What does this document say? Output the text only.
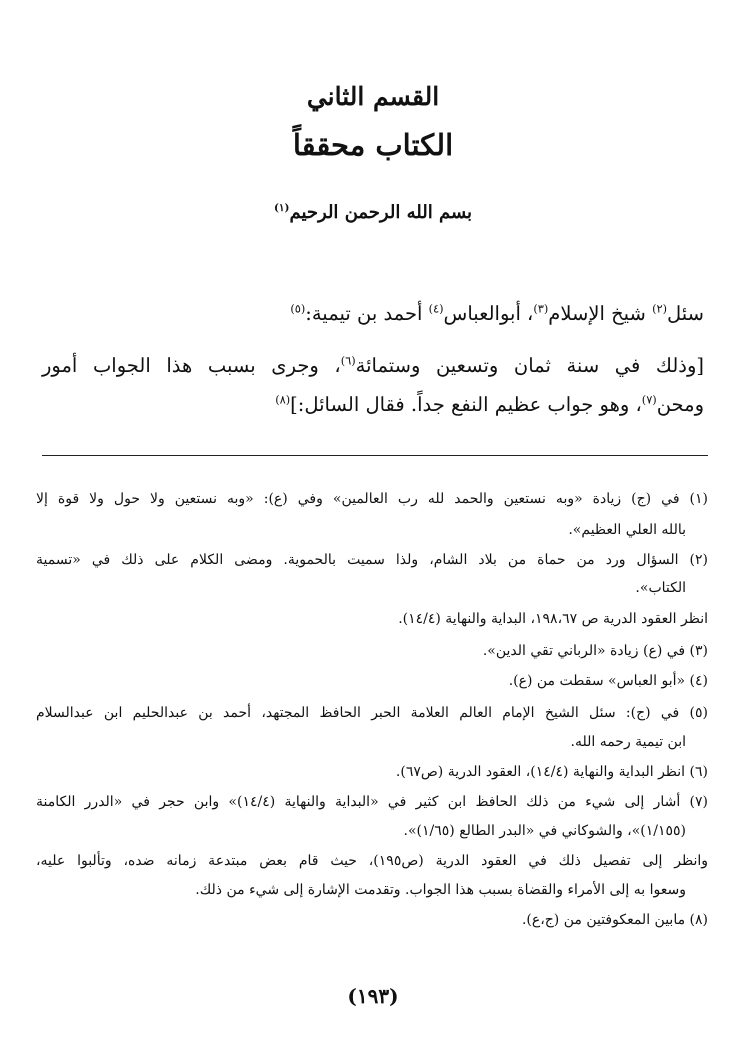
القسم الثاني
الكتاب محققاً
بسم الله الرحمن الرحيم$^{(١)}$
سئل$^{(٢)}$ شيخ الإسلام$^{(٣)}$، أبوالعباس$^{(٤)}$ أحمد بن تيمية:$^{(٥)}$
[وذلك في سنة ثمان وتسعين وستمائة$^{(٦)}$، وجرى بسبب هذا الجواب أمور
ومحن$^{(٧)}$، وهو جواب عظيم النفع جداً. فقال السائل:]$^{(٨)}$
(١) في (ج) زيادة «وبه نستعين والحمد لله رب العالمين» وفي (ع): «وبه نستعين ولا حول ولا قوة إلا
بالله العلي العظيم».
(٢) السؤال ورد من حماة من بلاد الشام، ولذا سميت بالحموية. ومضى الكلام على ذلك في «تسمية
الكتاب».
انظر العقود الدرية ص ١٩٨،٦٧، البداية والنهاية (١٤/٤).
(٣) في (ع) زيادة «الرباني تقي الدين».
(٤) «أبو العباس» سقطت من (ع).
(٥) في (ج): سئل الشيخ الإمام العالم العلامة الحبر الحافظ المجتهد، أحمد بن عبدالحليم ابن عبدالسلام
ابن تيمية رحمه الله.
(٦) انظر البداية والنهاية (١٤/٤)، العقود الدرية (ص٦٧).
(٧) أشار إلى شيء من ذلك الحافظ ابن كثير في «البداية والنهاية (١٤/٤)» وابن حجر في «الدرر الكامنة
(١/١٥٥)»، والشوكاني في «البدر الطالع (١/٦٥)».
وانظر إلى تفصيل ذلك في العقود الدرية (ص١٩٥)، حيث قام بعض مبتدعة زمانه ضده، وتألبوا عليه،
وسعوا به إلى الأمراء والقضاة بسبب هذا الجواب. وتقدمت الإشارة إلى شيء من ذلك.
(٨) مابين المعكوفتين من (ج،ع).
(١٩٣)
